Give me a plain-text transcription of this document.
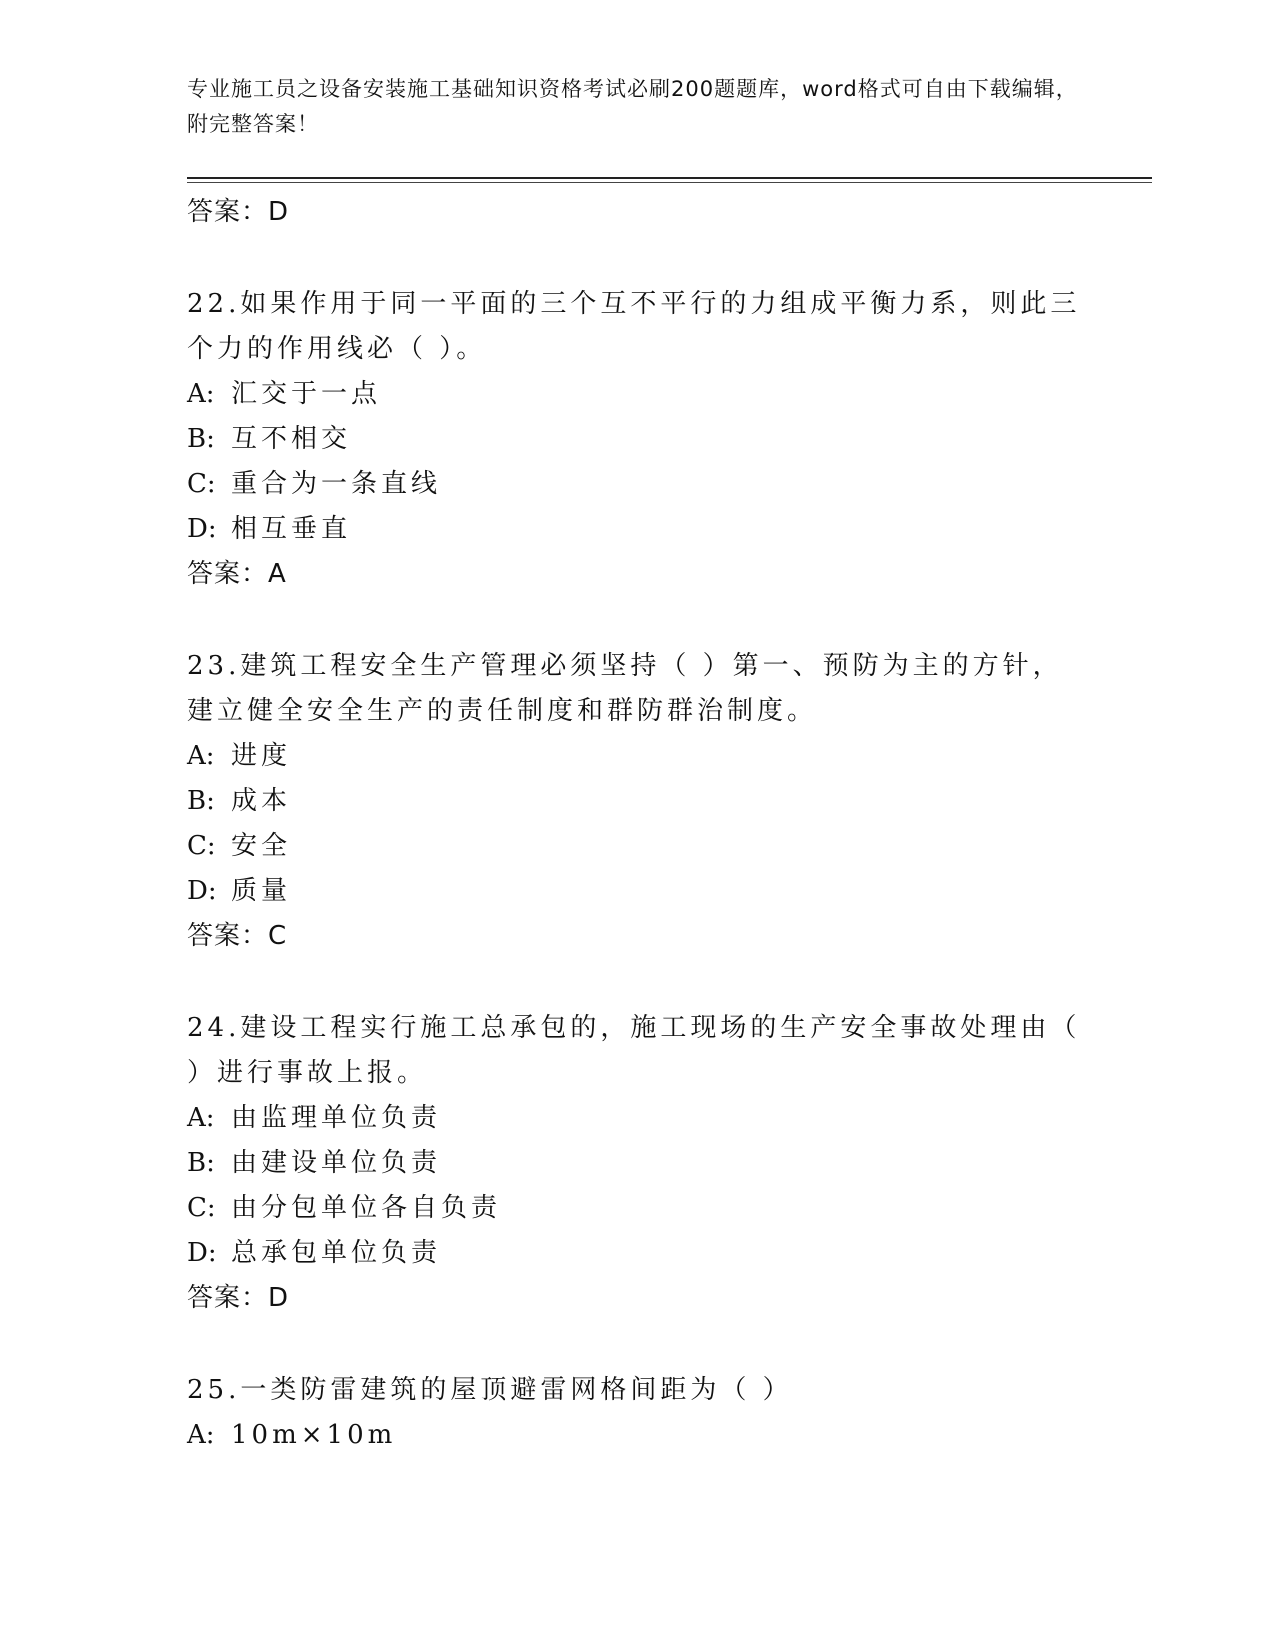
专业施工员之设备安装施工基础知识资格考试必刷200题题库，word格式可自由下载编辑，附完整答案！
答案：D
22.如果作用于同一平面的三个互不平行的力组成平衡力系，则此三个力的作用线必（ ）。
A: 汇交于一点
B: 互不相交
C: 重合为一条直线
D: 相互垂直
答案：A
23.建筑工程安全生产管理必须坚持（ ）第一、预防为主的方针，建立健全安全生产的责任制度和群防群治制度。
A: 进度
B: 成本
C: 安全
D: 质量
答案：C
24.建设工程实行施工总承包的，施工现场的生产安全事故处理由（ ）进行事故上报。
A: 由监理单位负责
B: 由建设单位负责
C: 由分包单位各自负责
D: 总承包单位负责
答案：D
25.一类防雷建筑的屋顶避雷网格间距为（ ）
A: 10m×10m
